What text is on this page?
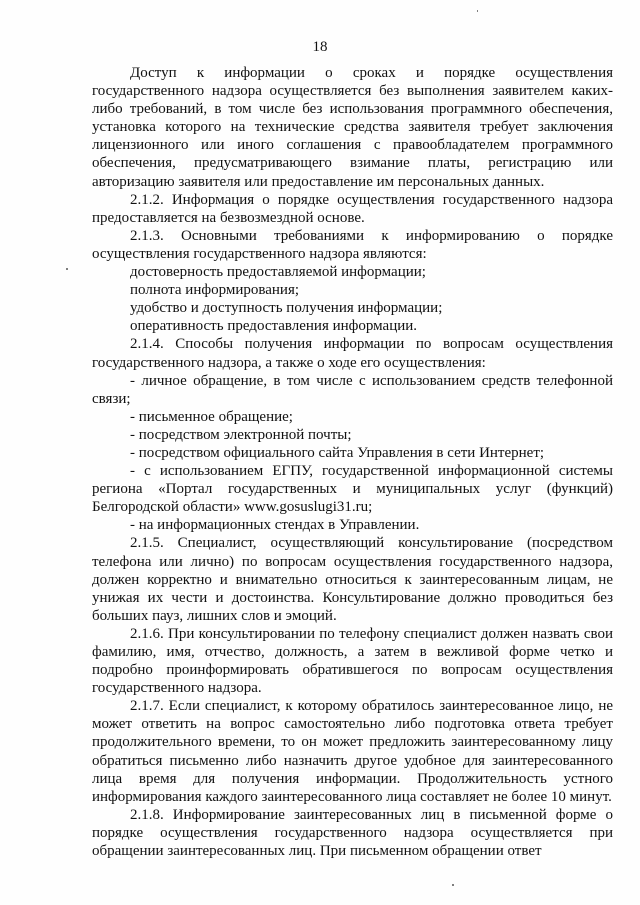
18

Доступ к информации о сроках и порядке осуществления государственного надзора осуществляется без выполнения заявителем каких-либо требований, в том числе без использования программного обеспечения, установка которого на технические средства заявителя требует заключения лицензионного или иного соглашения с правообладателем программного обеспечения, предусматривающего взимание платы, регистрацию или авторизацию заявителя или предоставление им персональных данных.

2.1.2. Информация о порядке осуществления государственного надзора предоставляется на безвозмездной основе.

2.1.3. Основными требованиями к информированию о порядке осуществления государственного надзора являются:

достоверность предоставляемой информации;

полнота информирования;

удобство и доступность получения информации;

оперативность предоставления информации.

2.1.4. Способы получения информации по вопросам осуществления государственного надзора, а также о ходе его осуществления:

- личное обращение, в том числе с использованием средств телефонной связи;

- письменное обращение;

- посредством электронной почты;

- посредством официального сайта Управления в сети Интернет;

- с использованием ЕГПУ, государственной информационной системы региона «Портал государственных и муниципальных услуг (функций) Белгородской области» www.gosuslugi31.ru;

- на информационных стендах в Управлении.

2.1.5. Специалист, осуществляющий консультирование (посредством телефона или лично) по вопросам осуществления государственного надзора, должен корректно и внимательно относиться к заинтересованным лицам, не унижая их чести и достоинства. Консультирование должно проводиться без больших пауз, лишних слов и эмоций.

2.1.6. При консультировании по телефону специалист должен назвать свои фамилию, имя, отчество, должность, а затем в вежливой форме четко и подробно проинформировать обратившегося по вопросам осуществления государственного надзора.

2.1.7. Если специалист, к которому обратилось заинтересованное лицо, не может ответить на вопрос самостоятельно либо подготовка ответа требует продолжительного времени, то он может предложить заинтересованному лицу обратиться письменно либо назначить другое удобное для заинтересованного лица время для получения информации. Продолжительность устного информирования каждого заинтересованного лица составляет не более 10 минут.

2.1.8. Информирование заинтересованных лиц в письменной форме о порядке осуществления государственного надзора осуществляется при обращении заинтересованных лиц. При письменном обращении ответ
